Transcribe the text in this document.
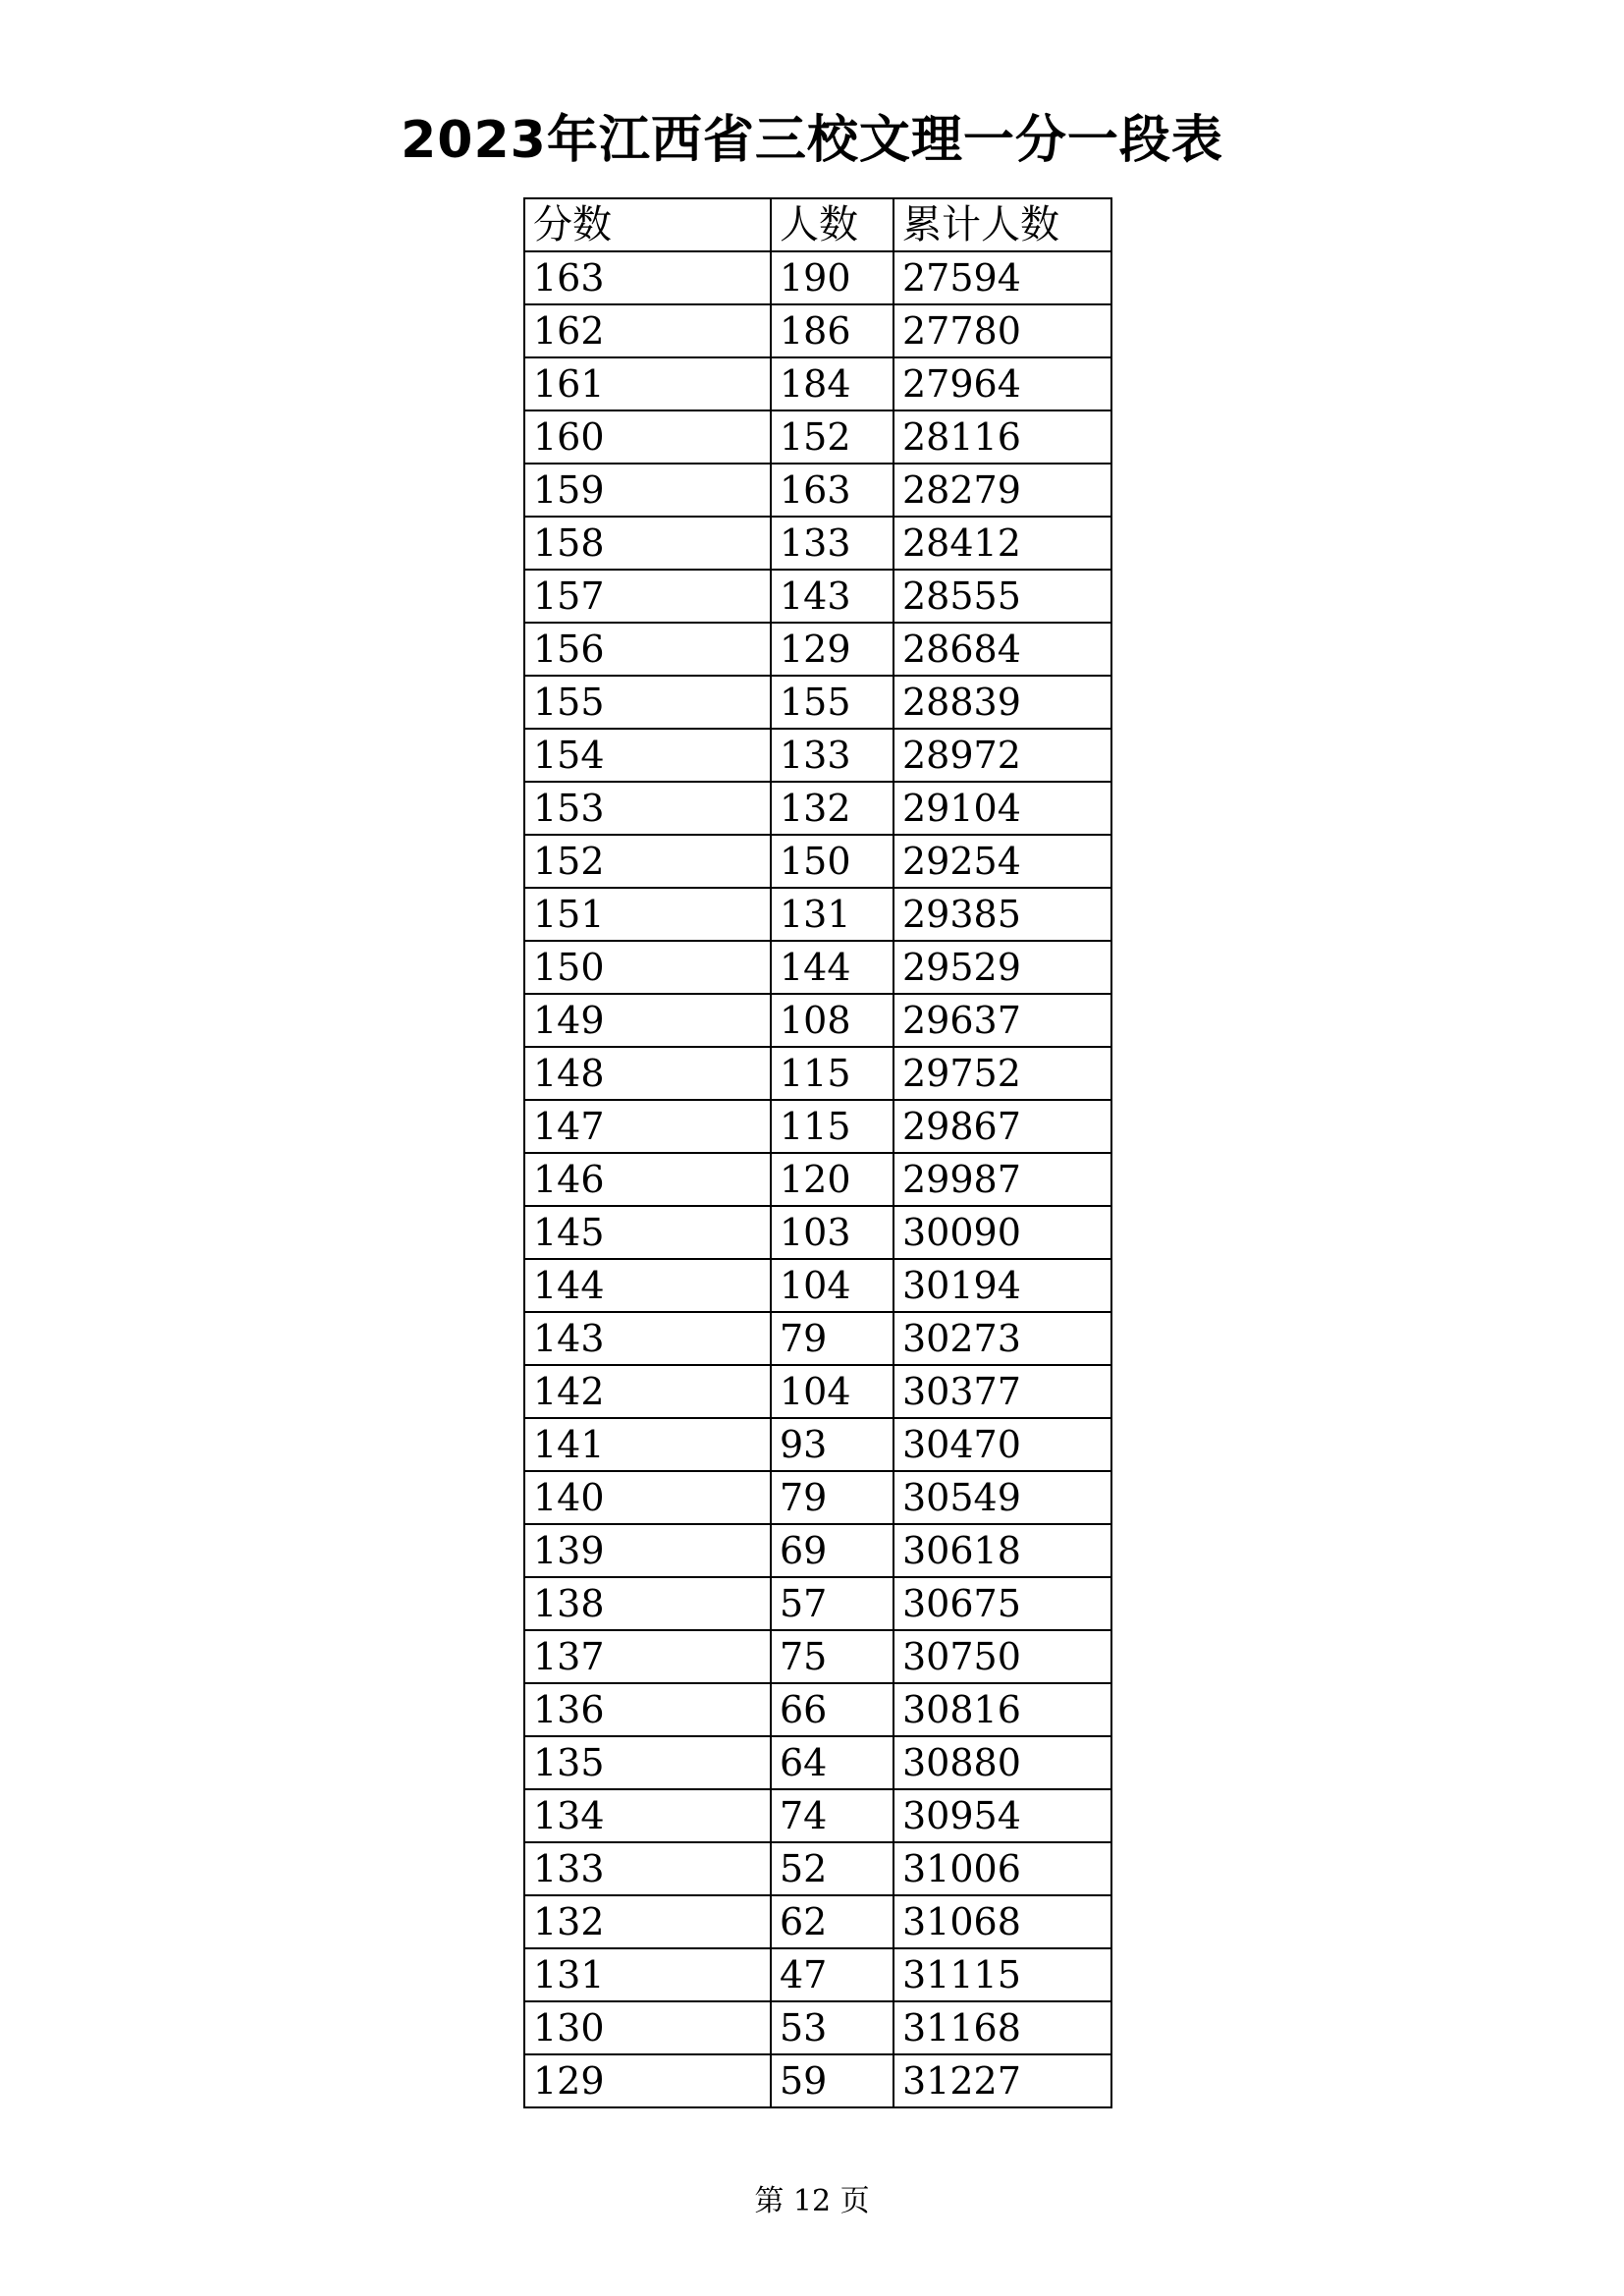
2023年江西省三校文理一分一段表
分数	人数	累计人数
163	190	27594
162	186	27780
161	184	27964
160	152	28116
159	163	28279
158	133	28412
157	143	28555
156	129	28684
155	155	28839
154	133	28972
153	132	29104
152	150	29254
151	131	29385
150	144	29529
149	108	29637
148	115	29752
147	115	29867
146	120	29987
145	103	30090
144	104	30194
143	79	30273
142	104	30377
141	93	30470
140	79	30549
139	69	30618
138	57	30675
137	75	30750
136	66	30816
135	64	30880
134	74	30954
133	52	31006
132	62	31068
131	47	31115
130	53	31168
129	59	31227
第 12 页
